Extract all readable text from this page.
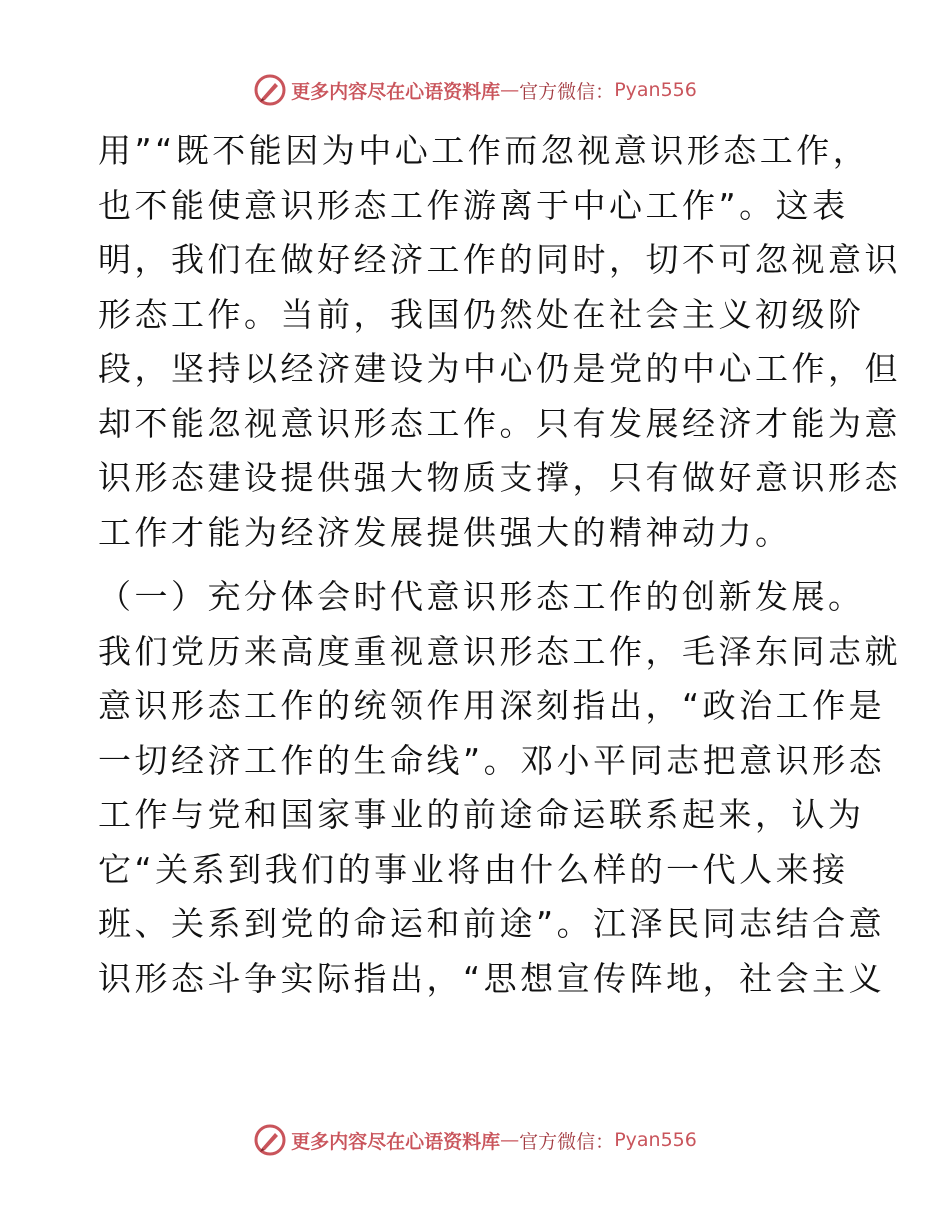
更多内容尽在心语资料库 — 官方微信： Pyan556
用”“既不能因为中心工作而忽视意识形态工作，
也不能使意识形态工作游离于中心工作”。这表
明，我们在做好经济工作的同时，切不可忽视意识
形态工作。当前，我国仍然处在社会主义初级阶
段，坚持以经济建设为中心仍是党的中心工作，但
却不能忽视意识形态工作。只有发展经济才能为意
识形态建设提供强大物质支撑，只有做好意识形态
工作才能为经济发展提供强大的精神动力。
（一）充分体会时代意识形态工作的创新发展。
我们党历来高度重视意识形态工作，毛泽东同志就
意识形态工作的统领作用深刻指出，“政治工作是
一切经济工作的生命线”。邓小平同志把意识形态
工作与党和国家事业的前途命运联系起来，认为
它“关系到我们的事业将由什么样的一代人来接
班、关系到党的命运和前途”。江泽民同志结合意
识形态斗争实际指出，“思想宣传阵地，社会主义
更多内容尽在心语资料库 — 官方微信： Pyan556
